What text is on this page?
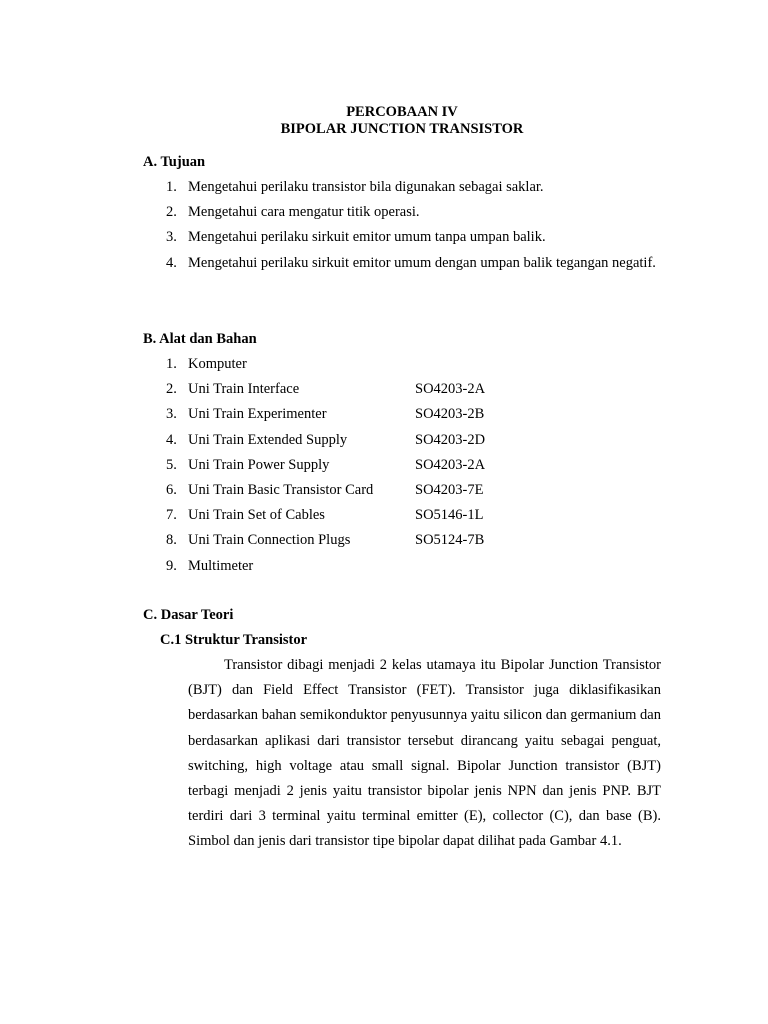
PERCOBAAN IV

BIPOLAR JUNCTION TRANSISTOR

A. Tujuan

1. Mengetahui perilaku transistor bila digunakan sebagai saklar.
2. Mengetahui cara mengatur titik operasi.
3. Mengetahui perilaku sirkuit emitor umum tanpa umpan balik.
4. Mengetahui perilaku sirkuit emitor umum dengan umpan balik tegangan negatif.

B. Alat dan Bahan

1. Komputer
2. Uni Train Interface	SO4203-2A
3. Uni Train Experimenter	SO4203-2B
4. Uni Train Extended Supply	SO4203-2D
5. Uni Train Power Supply	SO4203-2A
6. Uni Train Basic Transistor Card	SO4203-7E
7. Uni Train Set of Cables	SO5146-1L
8. Uni Train Connection Plugs	SO5124-7B
9. Multimeter

C. Dasar Teori

C.1 Struktur Transistor

Transistor dibagi menjadi 2 kelas utamaya itu Bipolar Junction Transistor (BJT) dan Field Effect Transistor (FET). Transistor juga diklasifikasikan berdasarkan bahan semikonduktor penyusunnya yaitu silicon dan germanium dan berdasarkan aplikasi dari transistor tersebut dirancang yaitu sebagai penguat, switching, high voltage atau small signal. Bipolar Junction transistor (BJT) terbagi menjadi 2 jenis yaitu transistor bipolar jenis NPN dan jenis PNP. BJT terdiri dari 3 terminal yaitu terminal emitter (E), collector (C), dan base (B). Simbol dan jenis dari transistor tipe bipolar dapat dilihat pada Gambar 4.1.
